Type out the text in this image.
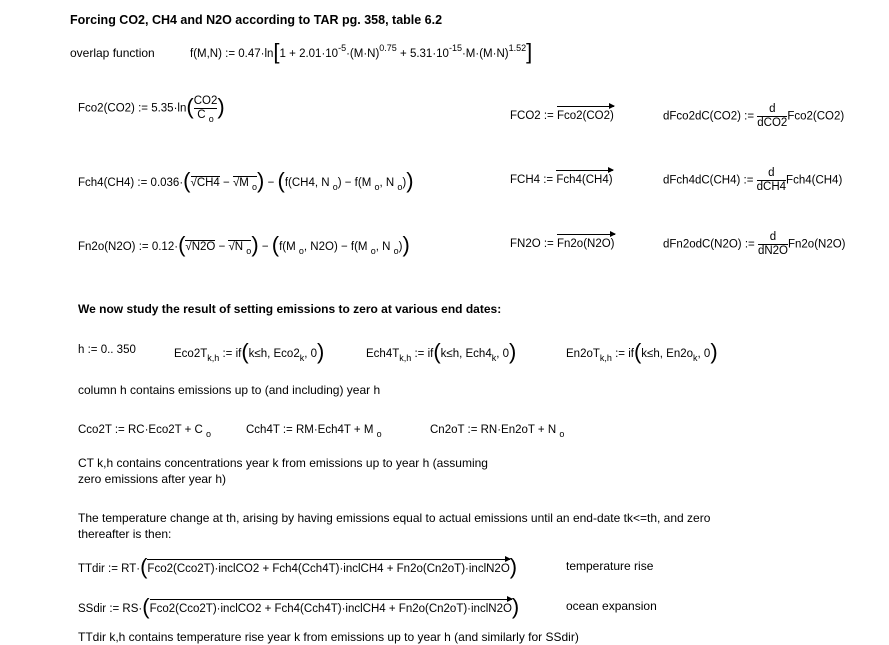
Forcing CO2, CH4 and N2O according to TAR pg. 358, table 6.2
overlap function	f(M,N) := $0.47\cdot\ln[1 + 2.01\cdot 10^{-5}\cdot(M\cdot N)^{0.75} + 5.31\cdot 10^{-15}\cdot M\cdot(M\cdot N)^{1.52}]$
Fco2(CO2) := $5.35\cdot\ln( \frac{CO2}{C _o}$ )	FCO2 := Fco2(CO2)	dFco2dC(CO2) := $\frac{d}{\text{dCO2}} Fco2(CO2)$
Fch4(CH4) := 0.036·( √ CH4 − √ M $_o$) − (f(CH4, N $_o$) − f(M $_o$, N $_o$))	FCH4 := Fch4(CH4)	dFch4dC(CH4) := $\frac{d}{\text{dCH4}} Fch4(CH4)$
Fn2o(N2O) := 0.12·( √ N2O − √ N $_o$) − (f(M $_o$, N2O) − f(M $_o$, N $_o$))	FN2O := Fn2o(N2O)	dFn2odC(N2O) := $\frac{d}{dN2O} Fn2o(N2O)$
We now study the result of setting emissions to zero at various end dates:
h := 0.. 350	$Eco2T_{k,h}$ := if(k≤h, $Eco2_k$, 0)	$Ech4T_{k,h}$ := if(k≤h, $Ech4_k$, 0)	$En2oT_{k,h}$ := if(k≤h, $En2o_k$, 0)
column h contains emissions up to (and including) year h
Cco2T := RC·Eco2T + C $_o$	Cch4T := RM·Ech4T + M $_o$	Cn2oT := RN·En2oT + N $_o$
CT k,h contains concentrations year k from emissions up to year h (assuming
zero emissions after year h)
The temperature change at th, arising by having emissions equal to actual emissions until an end-date tk<=th, and zero
thereafter is then:
TTdir := RT·(Fco2(Cco2T)·inclCO2 + Fch4(Cch4T)·inclCH4 + Fn2o(Cn2oT)·inclN2O)	temperature rise
SSdir := RS·(Fco2(Cco2T)·inclCO2 + Fch4(Cch4T)·inclCH4 + Fn2o(Cn2oT)·inclN2O)	ocean expansion
TTdir k,h contains temperature rise year k from emissions up to year h (and similarly for SSdir)
